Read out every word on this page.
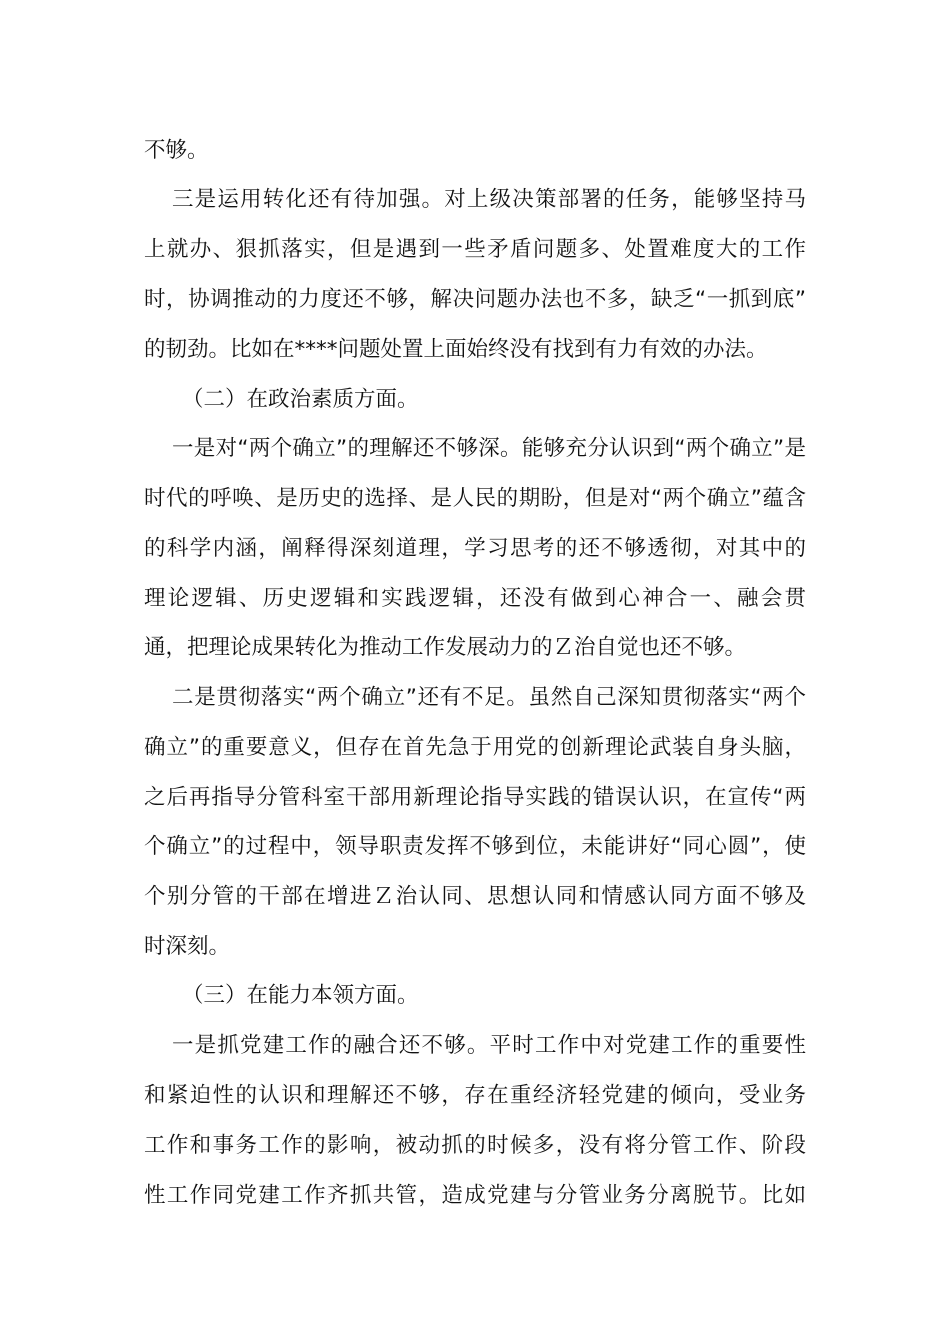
不够。
三是运用转化还有待加强。对上级决策部署的任务，能够坚持马
上就办、狠抓落实，但是遇到一些矛盾问题多、处置难度大的工作
时，协调推动的力度还不够，解决问题办法也不多，缺乏“一抓到底”
的韧劲。比如在****问题处置上面始终没有找到有力有效的办法。
（二）在政治素质方面。
一是对“两个确立”的理解还不够深。能够充分认识到“两个确立”是
时代的呼唤、是历史的选择、是人民的期盼，但是对“两个确立”蕴含
的科学内涵，阐释得深刻道理，学习思考的还不够透彻，对其中的
理论逻辑、历史逻辑和实践逻辑，还没有做到心神合一、融会贯
通，把理论成果转化为推动工作发展动力的Ｚ治自觉也还不够。
二是贯彻落实“两个确立”还有不足。虽然自己深知贯彻落实“两个
确立”的重要意义，但存在首先急于用党的创新理论武装自身头脑，
之后再指导分管科室干部用新理论指导实践的错误认识，在宣传“两
个确立”的过程中，领导职责发挥不够到位，未能讲好“同心圆”，使
个别分管的干部在增进Ｚ治认同、思想认同和情感认同方面不够及
时深刻。
（三）在能力本领方面。
一是抓党建工作的融合还不够。平时工作中对党建工作的重要性
和紧迫性的认识和理解还不够，存在重经济轻党建的倾向，受业务
工作和事务工作的影响，被动抓的时候多，没有将分管工作、阶段
性工作同党建工作齐抓共管，造成党建与分管业务分离脱节。比如
